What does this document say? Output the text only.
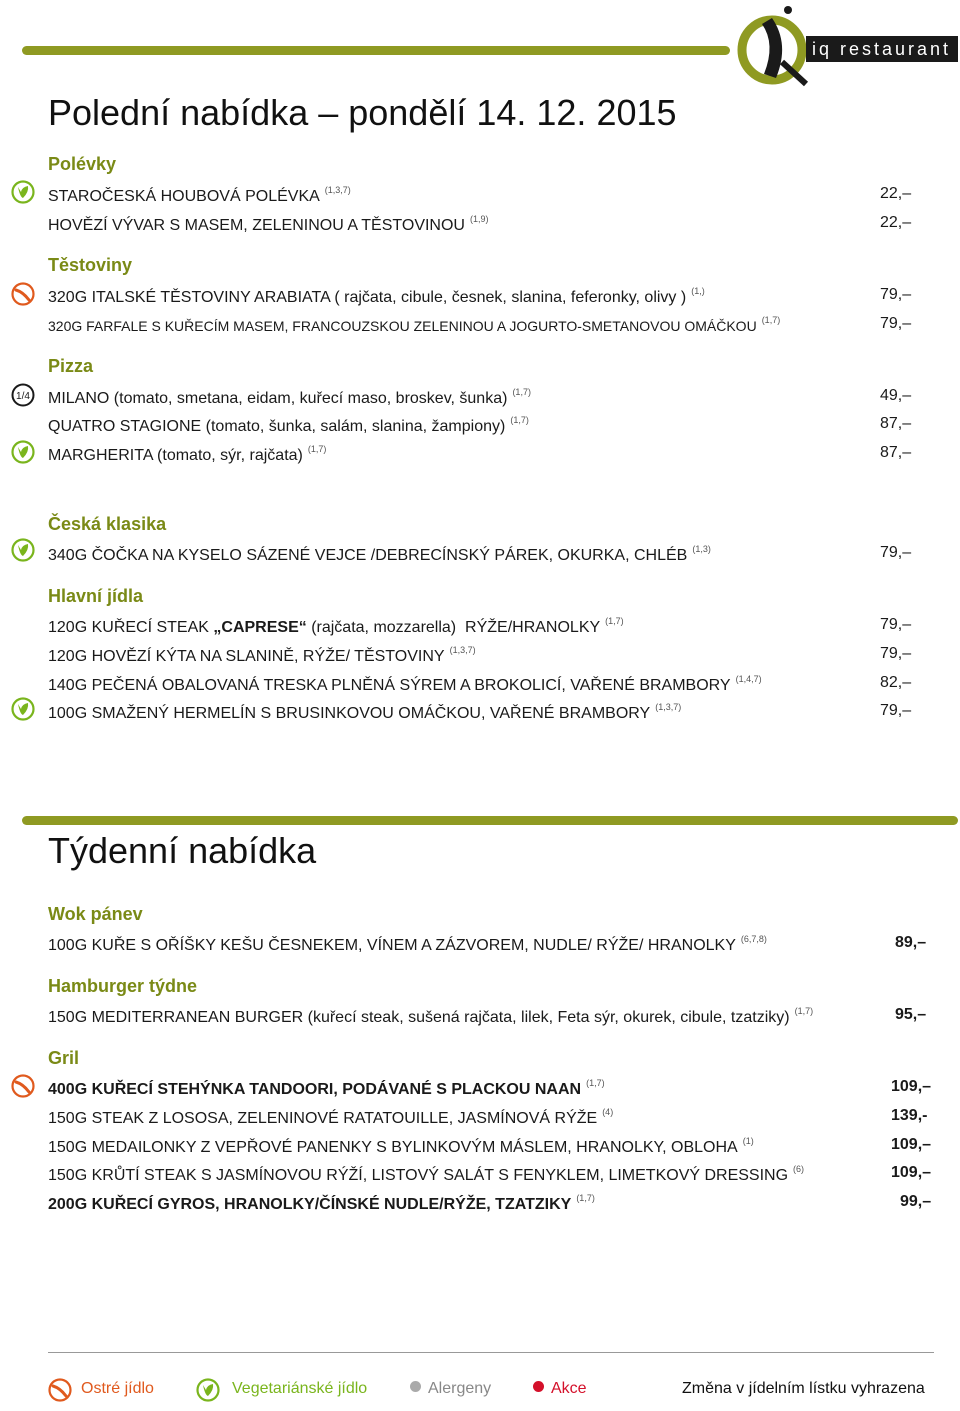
iq restaurant
Polední nabídka – pondělí 14. 12. 2015
Polévky
STAROČESKÁ HOUBOVÁ POLÉVKA $^{(1,3,7)}$	22,–
HOVĚZÍ VÝVAR S MASEM, ZELENINOU A TĚSTOVINOU $^{(1,9)}$	22,–
Těstoviny
320G ITALSKÉ TĚSTOVINY ARABIATA ( rajčata, cibule, česnek, slanina, feferonky, olivy ) $^{(1,)}$	79,–
320G FARFALE S KUŘECÍM MASEM, FRANCOUZSKOU ZELENINOU A JOGURTO-SMETANOVOU OMÁČKOU $^{(1,7)}$	79,–
Pizza
1/4 MILANO (tomato, smetana, eidam, kuřecí maso, broskev, šunka) $^{(1,7)}$	49,–
QUATRO STAGIONE (tomato, šunka, salám, slanina, žampiony) $^{(1,7)}$	87,–
MARGHERITA (tomato, sýr, rajčata) $^{(1,7)}$	87,–
Česká klasika
340G ČOČKA NA KYSELO SÁZENÉ VEJCE /DEBRECÍNSKÝ PÁREK, OKURKA, CHLÉB $^{(1,3)}$	79,–
Hlavní jídla
120G KUŘECÍ STEAK „CAPRESE“ (rajčata, mozzarella)  RÝŽE/HRANOLKY $^{(1,7)}$	79,–
120G HOVĚZÍ KÝTA NA SLANINĚ, RÝŽE/ TĚSTOVINY $^{(1,3,7)}$	79,–
140G PEČENÁ OBALOVANÁ TRESKA PLNĚNÁ SÝREM A BROKOLICÍ, VAŘENÉ BRAMBORY $^{(1,4,7)}$	82,–
100G SMAŽENÝ HERMELÍN S BRUSINKOVOU OMÁČKOU, VAŘENÉ BRAMBORY $^{(1,3,7)}$	79,–
Týdenní nabídka
Wok pánev
100G KUŘE S OŘÍŠKY KEŠU ČESNEKEM, VÍNEM A ZÁZVOREM, NUDLE/ RÝŽE/ HRANOLKY $^{(6,7,8)}$	89,–
Hamburger týdne
150G MEDITERRANEAN BURGER (kuřecí steak, sušená rajčata, lilek, Feta sýr, okurek, cibule, tzatziky) $^{(1,7)}$	95,–
Gril
400G KUŘECÍ STEHÝNKA TANDOORI, PODÁVANÉ S PLACKOU NAAN $^{(1,7)}$	109,–
150G STEAK Z LOSOSA, ZELENINOVÉ RATATOUILLE, JASMÍNOVÁ RÝŽE $^{(4)}$	139,-
150G MEDAILONKY Z VEPŘOVÉ PANENKY S BYLINKOVÝM MÁSLEM, HRANOLKY, OBLOHA $^{(1)}$	109,–
150G KRŮTÍ STEAK S JASMÍNOVOU RÝŽÍ, LISTOVÝ SALÁT S FENYKLEM, LIMETKOVÝ DRESSING $^{(6)}$	109,–
200G KUŘECÍ GYROS, HRANOLKY/ČÍNSKÉ NUDLE/RÝŽE, TZATZIKY $^{(1,7)}$	99,–
Ostré jídlo	Vegetariánské jídlo	Alergeny	Akce	Změna v jídelním lístku vyhrazena
